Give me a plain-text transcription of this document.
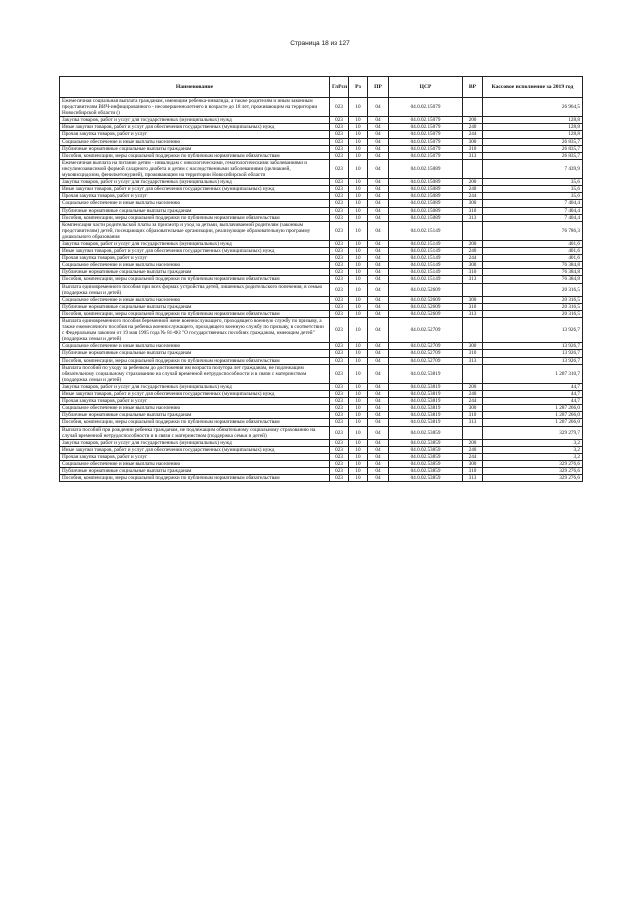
Страница 18 из 127
Наименование	ГлРсп	Рз	ПР	ЦСР	ВР	Кассовое исполнение за 2019 год
Ежемесячная социальная выплата гражданам, имеющим ребенка-инвалида, а также родителям и иным законным представителям ВИЧ-инфицированного - несовершеннолетнего в возрасте до 18 лет, проживающим на территории Новосибирской области ()	023	10	04	04.0.02.15079		26 964,5
Закупка товаров, работ и услуг для государственных (муниципальных) нужд	023	10	04	04.0.02.15079	200	128,8
Иные закупки товаров, работ и услуг для обеспечения государственных (муниципальных) нужд	023	10	04	04.0.02.15079	240	128,8
Прочая закупка товаров, работ и услуг	023	10	04	04.0.02.15079	244	128,8
Социальное обеспечение и иные выплаты населению	023	10	04	04.0.02.15079	300	26 835,7
Публичные нормативные социальные выплаты гражданам	023	10	04	04.0.02.15079	310	26 835,7
Пособия, компенсации, меры социальной поддержки по публичным нормативным обязательствам	023	10	04	04.0.02.15079	313	26 835,7
Ежемесячная выплата на питание детям - инвалидам с онкологическими, гематологическими заболеваниями и инсулинозависимой формой сахарного диабета и детям с наследственными заболеваниями (целиакией, муковисцидозом, фенилкетонурией), проживающим на территории Новосибирской области	023	10	04	04.0.02.15089		7 439,9
Закупка товаров, работ и услуг для государственных (муниципальных) нужд	023	10	04	04.0.02.15089	200	35,6
Иные закупки товаров, работ и услуг для обеспечения государственных (муниципальных) нужд	023	10	04	04.0.02.15089	240	35,6
Прочая закупка товаров, работ и услуг	023	10	04	04.0.02.15089	244	35,6
Социальное обеспечение и иные выплаты населению	023	10	04	04.0.02.15089	300	7 404,4
Публичные нормативные социальные выплаты гражданам	023	10	04	04.0.02.15089	310	7 404,4
Пособия, компенсации, меры социальной поддержки по публичным нормативным обязательствам	023	10	04	04.0.02.15089	313	7 404,4
Компенсация части родительской платы за присмотр и уход за детьми, выплачиваемой родителям (законным представителям) детей, посещающих образовательные организации, реализующие образовательную программу дошкольного образования	023	10	04	04.0.02.15149		76 786,3
Закупка товаров, работ и услуг для государственных (муниципальных) нужд	023	10	04	04.0.02.15149	200	401,6
Иные закупки товаров, работ и услуг для обеспечения государственных (муниципальных) нужд	023	10	04	04.0.02.15149	240	401,6
Прочая закупка товаров, работ и услуг	023	10	04	04.0.02.15149	244	401,6
Социальное обеспечение и иные выплаты населению	023	10	04	04.0.02.15149	300	76 384,8
Публичные нормативные социальные выплаты гражданам	023	10	04	04.0.02.15149	310	76 384,8
Пособия, компенсации, меры социальной поддержки по публичным нормативным обязательствам	023	10	04	04.0.02.15149	313	76 384,8
Выплата единовременного пособия при всех формах устройства детей, лишенных родительского попечения, в семью (поддержка семьи и детей)	023	10	04	04.0.02.52609		20 316,5
Социальное обеспечение и иные выплаты населению	023	10	04	04.0.02.52609	300	20 316,5
Публичные нормативные социальные выплаты гражданам	023	10	04	04.0.02.52609	310	20 316,5
Пособия, компенсации, меры социальной поддержки по публичным нормативным обязательствам	023	10	04	04.0.02.52609	313	20 316,5
Выплата единовременного пособия беременной жене военнослужащего, проходящего военную службу по призыву, а также ежемесячного пособия на ребенка военнослужащего, проходящего военную службу по призыву, в соответствии с Федеральным законом от 19 мая 1995 года № 81-ФЗ "О государственных пособиях гражданам, имеющим детей" (поддержка семьи и детей)	023	10	04	04.0.02.52709		13 926,7
Социальное обеспечение и иные выплаты населению	023	10	04	04.0.02.52709	300	13 926,7
Публичные нормативные социальные выплаты гражданам	023	10	04	04.0.02.52709	310	13 926,7
Пособия, компенсации, меры социальной поддержки по публичным нормативным обязательствам	023	10	04	04.0.02.52709	313	13 926,7
Выплата пособий по уходу за ребенком до достижения им возраста полутора лет гражданам, не подлежащим обязательному социальному страхованию на случай временной нетрудоспособности и в связи с материнством (поддержка семьи и детей)	023	10	04	04.0.02.53819		1 287 310,7
Закупка товаров, работ и услуг для государственных (муниципальных) нужд	023	10	04	04.0.02.53819	200	44,7
Иные закупки товаров, работ и услуг для обеспечения государственных (муниципальных) нужд	023	10	04	04.0.02.53819	240	44,7
Прочая закупка товаров, работ и услуг	023	10	04	04.0.02.53819	244	44,7
Социальное обеспечение и иные выплаты населению	023	10	04	04.0.02.53819	300	1 287 266,0
Публичные нормативные социальные выплаты гражданам	023	10	04	04.0.02.53819	310	1 287 266,0
Пособия, компенсации, меры социальной поддержки по публичным нормативным обязательствам	023	10	04	04.0.02.53819	313	1 287 266,0
Выплата пособий при рождении ребенка гражданам, не подлежащим обязательному социальному страхованию на случай временной нетрудоспособности и в связи с материнством (поддержка семьи и детей)	023	10	04	04.0.02.53859		329 279,7
Закупка товаров, работ и услуг для государственных (муниципальных) нужд	023	10	04	04.0.02.53859	200	3,2
Иные закупки товаров, работ и услуг для обеспечения государственных (муниципальных) нужд	023	10	04	04.0.02.53859	240	3,2
Прочая закупка товаров, работ и услуг	023	10	04	04.0.02.53859	244	3,2
Социальное обеспечение и иные выплаты населению	023	10	04	04.0.02.53859	300	329 276,6
Публичные нормативные социальные выплаты гражданам	023	10	04	04.0.02.53859	310	329 276,6
Пособия, компенсации, меры социальной поддержки по публичным нормативным обязательствам	023	10	04	04.0.02.53859	313	329 276,6
